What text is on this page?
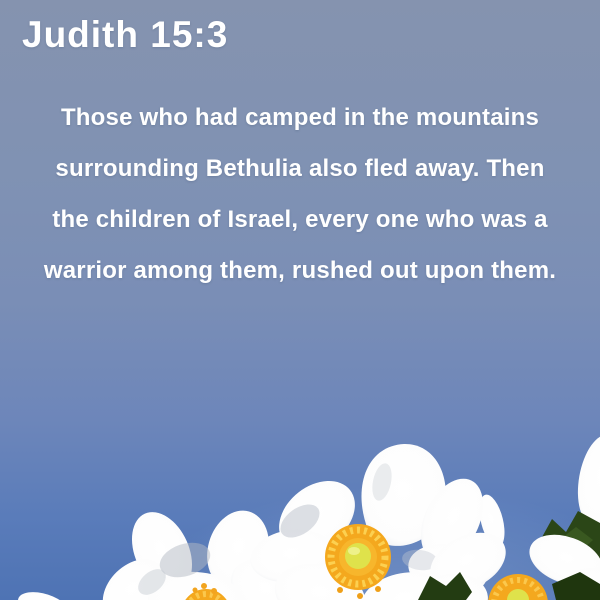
Judith 15:3
Those who had camped in the mountains
surrounding Bethulia also fled away. Then
the children of Israel, every one who was a
warrior among them, rushed out upon them.
